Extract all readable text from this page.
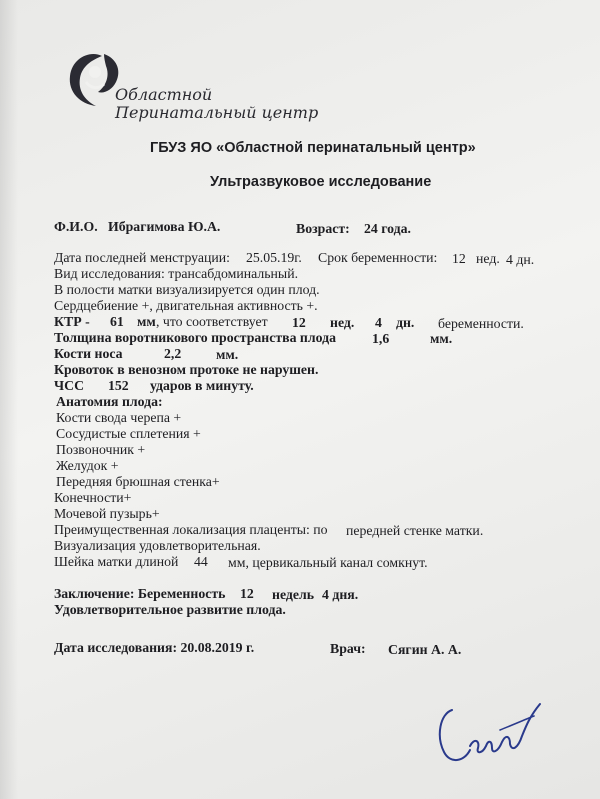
Областной
Перинатальный центр
ГБУЗ ЯО «Областной перинатальный центр»
Ультразвуковое исследование
Ф.И.О. Ибрагимова Ю.А.	Возраст: 24 года.
Дата последней менструации: 25.05.19г. Срок беременности: 12 нед. 4 дн.
Вид исследования: трансабдоминальный.
В полости матки визуализируется один плод.
Сердцебиение +, двигательная активность +.
КТР - 61 мм , что соответствует 12 нед. 4 дн. беременности.
Толщина воротникового пространства плода	1,6	мм.
Кости носа	2,2	мм.
Кровоток в венозном протоке не нарушен.
ЧСС 152 ударов в минуту.
Анатомия плода:
Кости свода черепа +
Сосудистые сплетения +
Позвоночник +
Желудок +
Передняя брюшная стенка+
Конечности+
Мочевой пузырь+
Преимущественная локализация плаценты: по передней стенке матки.
Визуализация удовлетворительная.
Шейка матки длиной 44 мм, цервикальный канал сомкнут.
Заключение: Беременность 12 недель 4 дня.
Удовлетворительное развитие плода.
Дата исследования: 20.08.2019 г.	Врач: Сягин А. А.
